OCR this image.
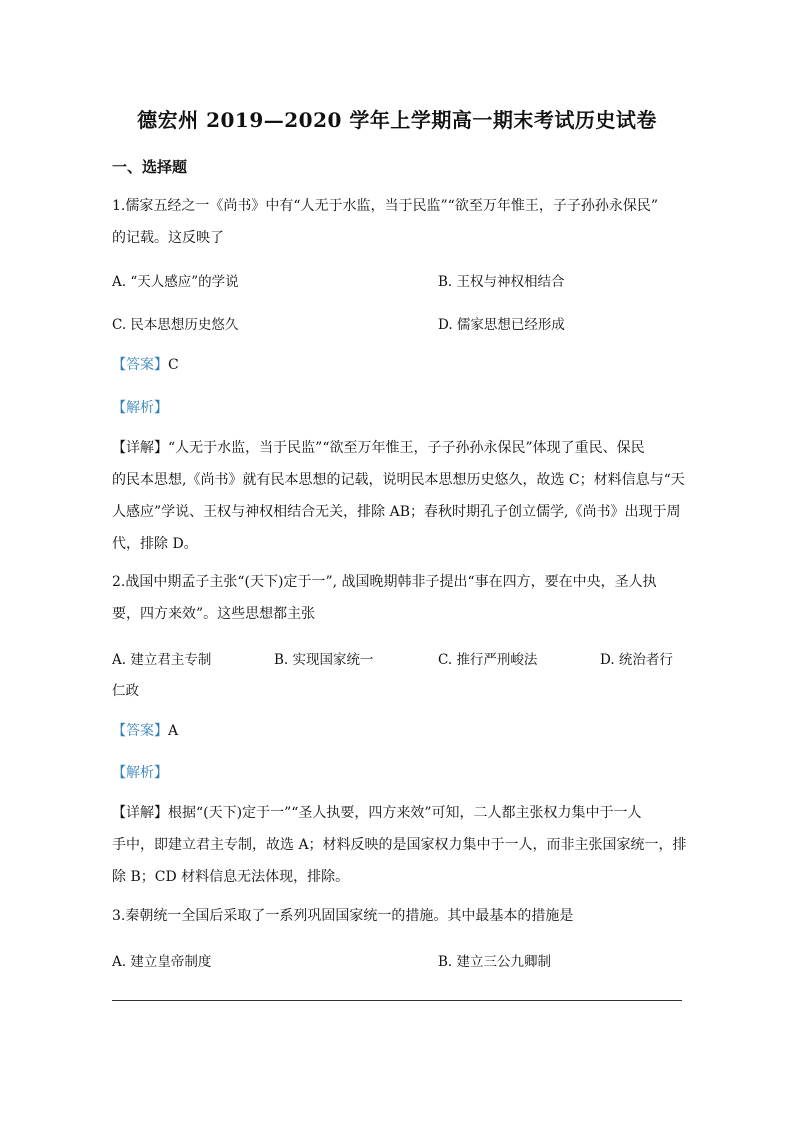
德宏州 2019—2020 学年上学期高一期末考试历史试卷
一、选择题
1.儒家五经之一《尚书》中有“人无于水监，当于民监”“欲至万年惟王，子子孙孙永保民”
的记载。这反映了
A. “天人感应”的学说	B. 王权与神权相结合
C. 民本思想历史悠久	D. 儒家思想已经形成
【答案】C
【解析】
【详解】“人无于水监，当于民监”“欲至万年惟王，子子孙孙永保民”体现了重民、保民
的民本思想,《尚书》就有民本思想的记载，说明民本思想历史悠久，故选 C；材料信息与“天
人感应”学说、王权与神权相结合无关，排除 AB；春秋时期孔子创立儒学,《尚书》出现于周
代，排除 D。
2.战国中期孟子主张“(天下)定于一”, 战国晚期韩非子提出“事在四方，要在中央，圣人执
要，四方来效”。这些思想都主张
A. 建立君主专制	B. 实现国家统一	C. 推行严刑峻法	D. 统治者行
仁政
【答案】A
【解析】
【详解】根据“(天下)定于一”“圣人执要，四方来效”可知，二人都主张权力集中于一人
手中，即建立君主专制，故选 A；材料反映的是国家权力集中于一人，而非主张国家统一，排
除 B；CD 材料信息无法体现，排除。
3.秦朝统一全国后采取了一系列巩固国家统一的措施。其中最基本的措施是
A. 建立皇帝制度	B. 建立三公九卿制
